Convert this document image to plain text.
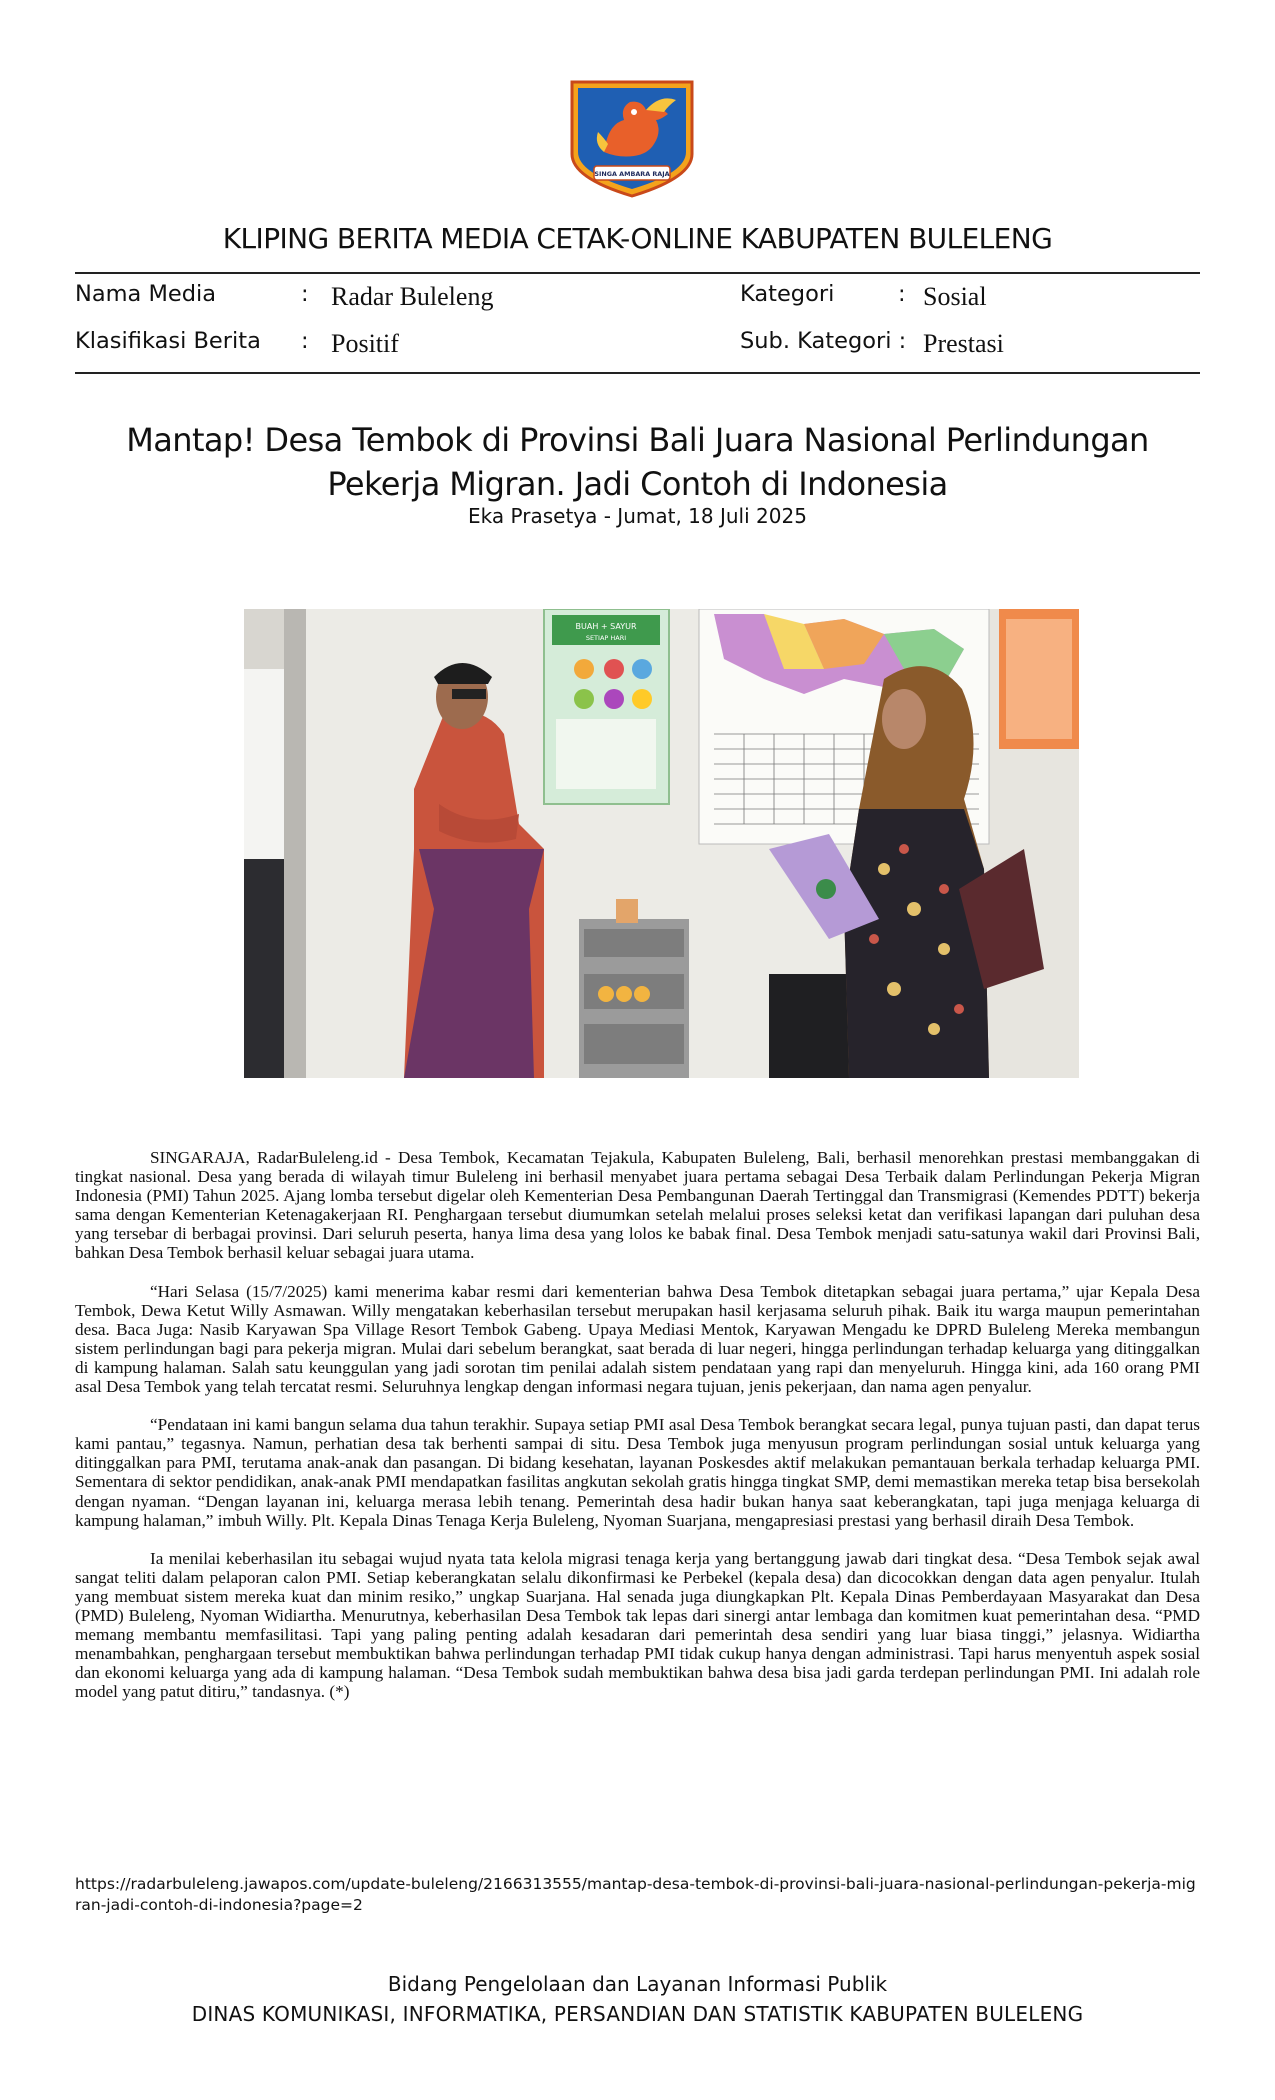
SINGA AMBARA RAJA
KLIPING BERITA MEDIA CETAK-ONLINE KABUPATEN BULELENG
Nama Media	: Radar Buleleng	Kategori	: Sosial
Klasifikasi Berita : Positif	Sub. Kategori : Prestasi
Mantap! Desa Tembok di Provinsi Bali Juara Nasional Perlindungan Pekerja Migran. Jadi Contoh di Indonesia
Eka Prasetya - Jumat, 18 Juli 2025
BUAH + SAYUR
SETIAP HARI

SINGARAJA, RadarBuleleng.id - Desa Tembok, Kecamatan Tejakula, Kabupaten Buleleng, Bali, berhasil menorehkan prestasi membanggakan di tingkat nasional. Desa yang berada di wilayah timur Buleleng ini berhasil menyabet juara pertama sebagai Desa Terbaik dalam Perlindungan Pekerja Migran Indonesia (PMI) Tahun 2025. Ajang lomba tersebut digelar oleh Kementerian Desa Pembangunan Daerah Tertinggal dan Transmigrasi (Kemendes PDTT) bekerja sama dengan Kementerian Ketenagakerjaan RI. Penghargaan tersebut diumumkan setelah melalui proses seleksi ketat dan verifikasi lapangan dari puluhan desa yang tersebar di berbagai provinsi. Dari seluruh peserta, hanya lima desa yang lolos ke babak final. Desa Tembok menjadi satu-satunya wakil dari Provinsi Bali, bahkan Desa Tembok berhasil keluar sebagai juara utama.

“Hari Selasa (15/7/2025) kami menerima kabar resmi dari kementerian bahwa Desa Tembok ditetapkan sebagai juara pertama,” ujar Kepala Desa Tembok, Dewa Ketut Willy Asmawan. Willy mengatakan keberhasilan tersebut merupakan hasil kerjasama seluruh pihak. Baik itu warga maupun pemerintahan desa. Baca Juga: Nasib Karyawan Spa Village Resort Tembok Gabeng. Upaya Mediasi Mentok, Karyawan Mengadu ke DPRD Buleleng Mereka membangun sistem perlindungan bagi para pekerja migran. Mulai dari sebelum berangkat, saat berada di luar negeri, hingga perlindungan terhadap keluarga yang ditinggalkan di kampung halaman. Salah satu keunggulan yang jadi sorotan tim penilai adalah sistem pendataan yang rapi dan menyeluruh. Hingga kini, ada 160 orang PMI asal Desa Tembok yang telah tercatat resmi. Seluruhnya lengkap dengan informasi negara tujuan, jenis pekerjaan, dan nama agen penyalur.

“Pendataan ini kami bangun selama dua tahun terakhir. Supaya setiap PMI asal Desa Tembok berangkat secara legal, punya tujuan pasti, dan dapat terus kami pantau,” tegasnya. Namun, perhatian desa tak berhenti sampai di situ. Desa Tembok juga menyusun program perlindungan sosial untuk keluarga yang ditinggalkan para PMI, terutama anak-anak dan pasangan. Di bidang kesehatan, layanan Poskesdes aktif melakukan pemantauan berkala terhadap keluarga PMI. Sementara di sektor pendidikan, anak-anak PMI mendapatkan fasilitas angkutan sekolah gratis hingga tingkat SMP, demi memastikan mereka tetap bisa bersekolah dengan nyaman. “Dengan layanan ini, keluarga merasa lebih tenang. Pemerintah desa hadir bukan hanya saat keberangkatan, tapi juga menjaga keluarga di kampung halaman,” imbuh Willy. Plt. Kepala Dinas Tenaga Kerja Buleleng, Nyoman Suarjana, mengapresiasi prestasi yang berhasil diraih Desa Tembok.

Ia menilai keberhasilan itu sebagai wujud nyata tata kelola migrasi tenaga kerja yang bertanggung jawab dari tingkat desa. “Desa Tembok sejak awal sangat teliti dalam pelaporan calon PMI. Setiap keberangkatan selalu dikonfirmasi ke Perbekel (kepala desa) dan dicocokkan dengan data agen penyalur. Itulah yang membuat sistem mereka kuat dan minim resiko,” ungkap Suarjana. Hal senada juga diungkapkan Plt. Kepala Dinas Pemberdayaan Masyarakat dan Desa (PMD) Buleleng, Nyoman Widiartha. Menurutnya, keberhasilan Desa Tembok tak lepas dari sinergi antar lembaga dan komitmen kuat pemerintahan desa. “PMD memang membantu memfasilitasi. Tapi yang paling penting adalah kesadaran dari pemerintah desa sendiri yang luar biasa tinggi,” jelasnya. Widiartha menambahkan, penghargaan tersebut membuktikan bahwa perlindungan terhadap PMI tidak cukup hanya dengan administrasi. Tapi harus menyentuh aspek sosial dan ekonomi keluarga yang ada di kampung halaman. “Desa Tembok sudah membuktikan bahwa desa bisa jadi garda terdepan perlindungan PMI. Ini adalah role model yang patut ditiru,” tandasnya. (*)

https://radarbuleleng.jawapos.com/update-buleleng/2166313555/mantap-desa-tembok-di-provinsi-bali-juara-nasional-perlindungan-pekerja-migran-jadi-contoh-di-indonesia?page=2
Bidang Pengelolaan dan Layanan Informasi Publik
DINAS KOMUNIKASI, INFORMATIKA, PERSANDIAN DAN STATISTIK KABUPATEN BULELENG
